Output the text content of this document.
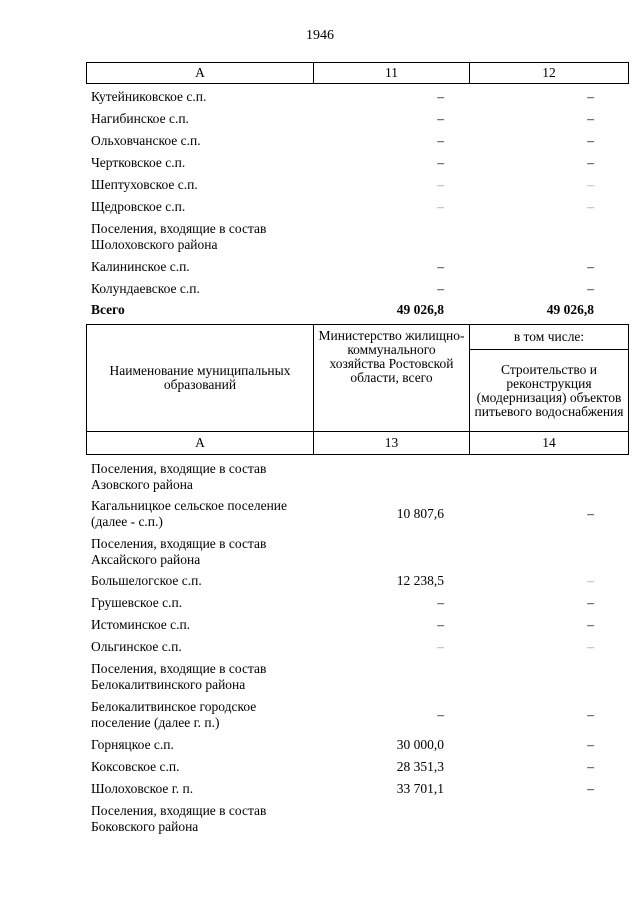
1946
А	11	12
Кутейниковское с.п.	–	–
Нагибинское с.п.	–	–
Ольховчанское с.п.	–	–
Чертковское с.п.	–	–
Шептуховское с.п.	–	–
Щедровское с.п.	–	–
Поселения, входящие в состав Шолоховского района
Калининское с.п.	–	–
Колундаевское с.п.	–	–
Всего	49 026,8	49 026,8
Наименование муниципальных образований	Министерство жилищно-коммунального хозяйства Ростовской области, всего	в том числе:
		Строительство и реконструкция (модернизация) объектов питьевого водоснабжения
А	13	14
Поселения, входящие в состав Азовского района
Кагальницкое сельское поселение (далее - с.п.)	10 807,6	–
Поселения, входящие в состав Аксайского района
Большелогское с.п.	12 238,5	–
Грушевское с.п.	–	–
Истоминское с.п.	–	–
Ольгинское с.п.	–	–
Поселения, входящие в состав Белокалитвинского района
Белокалитвинское городское поселение (далее г. п.)	–	–
Горняцкое с.п.	30 000,0	–
Коксовское с.п.	28 351,3	–
Шолоховское г. п.	33 701,1	–
Поселения, входящие в состав Боковского района
